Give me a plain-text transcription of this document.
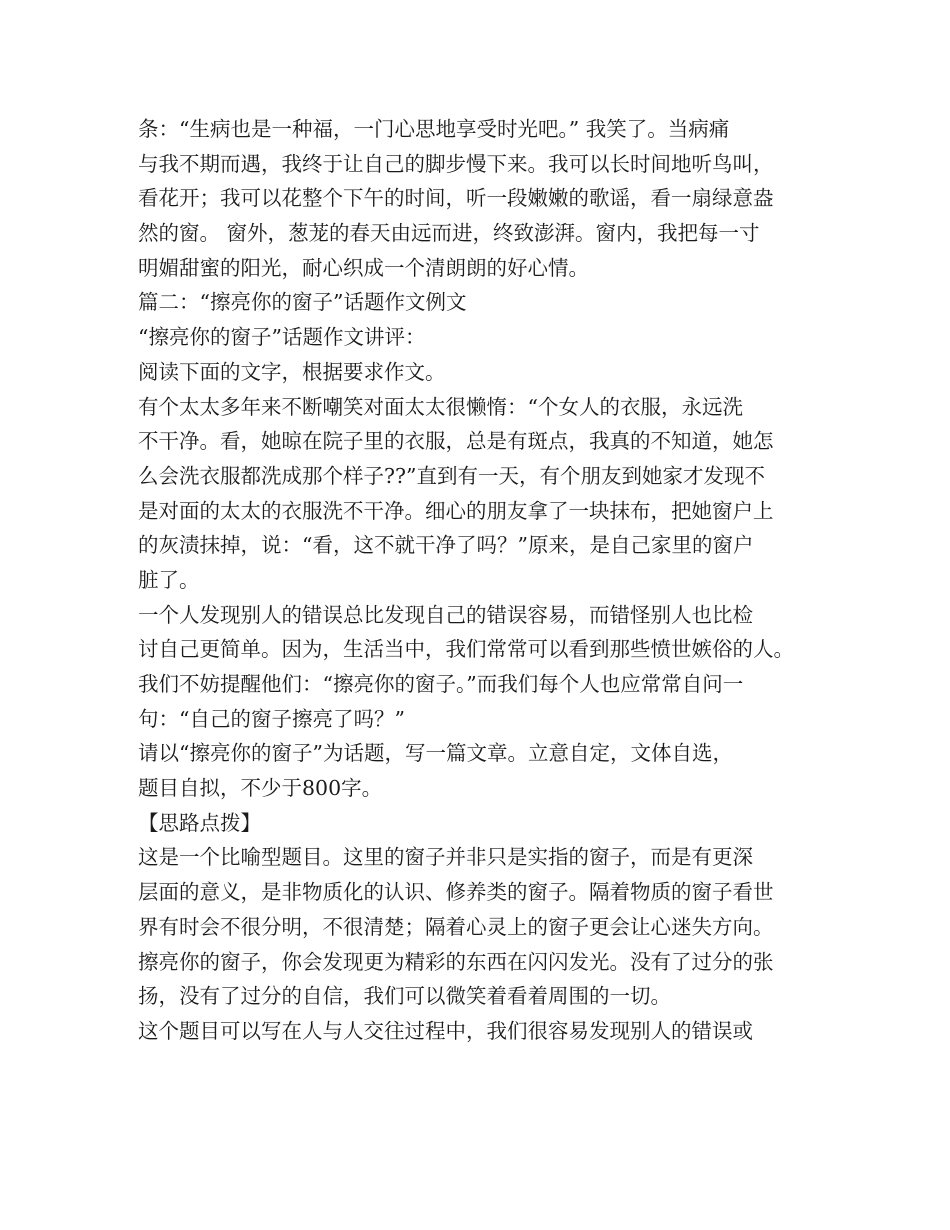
条：“生病也是一种福，一门心思地享受时光吧。” 我笑了。当病痛
与我不期而遇，我终于让自己的脚步慢下来。我可以长时间地听鸟叫，
看花开；我可以花整个下午的时间，听一段嫩嫩的歌谣，看一扇绿意盎
然的窗。 窗外，葱茏的春天由远而进，终致澎湃。窗内，我把每一寸
明媚甜蜜的阳光，耐心织成一个清朗朗的好心情。
篇二：“擦亮你的窗子”话题作文例文
“擦亮你的窗子”话题作文讲评：
阅读下面的文字，根据要求作文。
有个太太多年来不断嘲笑对面太太很懒惰：“个女人的衣服，永远洗
不干净。看，她晾在院子里的衣服，总是有斑点，我真的不知道，她怎
么会洗衣服都洗成那个样子??”直到有一天，有个朋友到她家才发现不
是对面的太太的衣服洗不干净。细心的朋友拿了一块抹布，把她窗户上
的灰渍抹掉，说：“看，这不就干净了吗？”原来，是自己家里的窗户
脏了。
一个人发现别人的错误总比发现自己的错误容易，而错怪别人也比检
讨自己更简单。因为，生活当中，我们常常可以看到那些愤世嫉俗的人。
我们不妨提醒他们：“擦亮你的窗子。”而我们每个人也应常常自问一
句：“自己的窗子擦亮了吗？”
请以“擦亮你的窗子”为话题，写一篇文章。立意自定，文体自选，
题目自拟，不少于800字。
【思路点拨】
这是一个比喻型题目。这里的窗子并非只是实指的窗子，而是有更深
层面的意义，是非物质化的认识、修养类的窗子。隔着物质的窗子看世
界有时会不很分明，不很清楚；隔着心灵上的窗子更会让心迷失方向。
擦亮你的窗子，你会发现更为精彩的东西在闪闪发光。没有了过分的张
扬，没有了过分的自信，我们可以微笑着看着周围的一切。
这个题目可以写在人与人交往过程中，我们很容易发现别人的错误或
